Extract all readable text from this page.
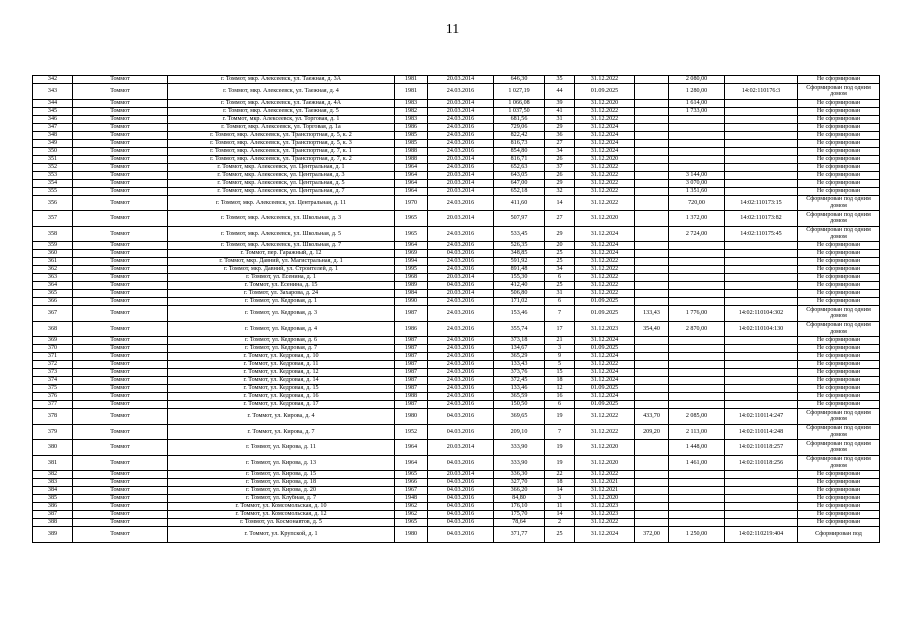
11
342	Томмот	г. Томмот, мкр. Алексеевск, ул. Таежная, д. 3А	1981	20.03.2014	646,30	35	31.12.2022		2 080,00		Не сформирован
343	Томмот	г. Томмот, мкр. Алексеевск, ул. Таежная, д. 4	1981	24.03.2016	1 027,19	44	01.09.2025		1 280,00	14:02:110176:3	Сформирован под одним домом
344	Томмот	г. Томмот, мкр. Алексеевск, ул. Таежная, д. 4А	1983	20.03.2014	1 066,08	39	31.12.2020		1 614,00		Не сформирован
345	Томмот	г. Томмот, мкр. Алексеевск, ул. Таежная, д. 5	1982	20.03.2014	1 037,50	41	31.12.2022		1 733,00		Не сформирован
346	Томмот	г. Томмот, мкр. Алексеевск, ул. Торговая, д. 1	1983	24.03.2016	681,56	31	31.12.2022				Не сформирован
347	Томмот	г. Томмот, мкр. Алексеевск, ул. Торговая, д. 1а	1986	24.03.2016	729,06	29	31.12.2024				Не сформирован
348	Томмот	г. Томмот, мкр. Алексеевск, ул. Транспортная, д. 5, к. 2	1985	24.03.2016	822,42	36	31.12.2024				Не сформирован
349	Томмот	г. Томмот, мкр. Алексеевск, ул. Транспортная, д. 5, к. 3	1985	24.03.2016	816,73	27	31.12.2024				Не сформирован
350	Томмот	г. Томмот, мкр. Алексеевск, ул. Транспортная, д. 7, к. 1	1988	24.03.2016	854,80	34	31.12.2024				Не сформирован
351	Томмот	г. Томмот, мкр. Алексеевск, ул. Транспортная, д. 7, к. 2	1988	20.03.2014	816,71	26	31.12.2020				Не сформирован
352	Томмот	г. Томмот, мкр. Алексеевск, ул. Центральная, д. 1	1964	24.03.2016	652,63	37	31.12.2022				Не сформирован
353	Томмот	г. Томмот, мкр. Алексеевск, ул. Центральная, д. 3	1964	20.03.2014	643,05	26	31.12.2022		3 144,00		Не сформирован
354	Томмот	г. Томмот, мкр. Алексеевск, ул. Центральная, д. 5	1964	20.03.2014	647,00	29	31.12.2022		3 070,00		Не сформирован
355	Томмот	г. Томмот, мкр. Алексеевск, ул. Центральная, д. 7	1964	20.03.2014	652,18	32	31.12.2022		1 351,60		Не сформирован
356	Томмот	г. Томмот, мкр. Алексеевск, ул. Центральная, д. 11	1970	24.03.2016	411,60	14	31.12.2022		720,00	14:02:110173:15	Сформирован под одним домом
357	Томмот	г. Томмот, мкр. Алексеевск, ул. Школьная, д. 3	1965	20.03.2014	507,97	27	31.12.2020		1 372,00	14:02:110173:82	Сформирован под одним домом
358	Томмот	г. Томмот, мкр. Алексеевск, ул. Школьная, д. 5	1965	24.03.2016	533,45	29	31.12.2024		2 724,00	14:02:110175:45	Сформирован под одним домом
359	Томмот	г. Томмот, мкр. Алексеевск, ул. Школьная, д. 7	1964	24.03.2016	526,35	20	31.12.2024				Не сформирован
360	Томмот	г. Томмот, пер. Гаражный, д. 12	1969	04.03.2016	348,85	25	31.12.2024				Не сформирован
361	Томмот	г. Томмот, мкр. Давний, ул. Магистральная, д. 1	1994	24.03.2016	591,92	25	31.12.2022				Не сформирован
362	Томмот	г. Томмот, мкр. Давний, ул. Строителей, д. 1	1995	24.03.2016	891,48	34	31.12.2022				Не сформирован
363	Томмот	г. Томмот, ул. Есенина, д. 1	1968	20.03.2014	155,30	6	31.12.2022				Не сформирован
364	Томмот	г. Томмот, ул. Есенина, д. 15	1989	04.03.2016	412,40	25	31.12.2022				Не сформирован
365	Томмот	г. Томмот, ул. Захарова, д. 24	1984	20.03.2014	506,80	31	31.12.2022				Не сформирован
366	Томмот	г. Томмот, ул. Кедровая, д. 1	1990	24.03.2016	171,02	6	01.09.2025				Не сформирован
367	Томмот	г. Томмот, ул. Кедровая, д. 3	1987	24.03.2016	153,46	7	01.09.2025	133,43	1 776,00	14:02:110104:302	Сформирован под одним домом
368	Томмот	г. Томмот, ул. Кедровая, д. 4	1986	24.03.2016	355,74	17	31.12.2023	354,40	2 870,00	14:02:110104:130	Сформирован под одним домом
369	Томмот	г. Томмот, ул. Кедровая, д. 6	1987	24.03.2016	373,18	21	31.12.2024				Не сформирован
370	Томмот	г. Томмот, ул. Кедровая, д. 7	1987	24.03.2016	134,67	3	01.09.2025				Не сформирован
371	Томмот	г. Томмот, ул. Кедровая, д. 10	1987	24.03.2016	365,29	9	31.12.2024				Не сформирован
372	Томмот	г. Томмот, ул. Кедровая, д. 11	1987	24.03.2016	133,43	5	31.12.2022				Не сформирован
373	Томмот	г. Томмот, ул. Кедровая, д. 12	1987	24.03.2016	373,76	15	31.12.2024				Не сформирован
374	Томмот	г. Томмот, ул. Кедровая, д. 14	1987	24.03.2016	372,45	18	31.12.2024				Не сформирован
375	Томмот	г. Томмот, ул. Кедровая, д. 15	1987	24.03.2016	133,46	12	01.09.2025				Не сформирован
376	Томмот	г. Томмот, ул. Кедровая, д. 16	1988	24.03.2016	365,59	16	31.12.2024				Не сформирован
377	Томмот	г. Томмот, ул. Кедровая, д. 17	1987	24.03.2016	150,50	6	01.09.2025				Не сформирован
378	Томмот	г. Томмот, ул. Кирова, д. 4	1980	04.03.2016	369,65	19	31.12.2022	433,70	2 085,00	14:02:110114:247	Сформирован под одним домом
379	Томмот	г. Томмот, ул. Кирова, д. 7	1952	04.03.2016	209,10	7	31.12.2022	209,20	2 113,00	14:02:110114:248	Сформирован под одним домом
380	Томмот	г. Томмот, ул. Кирова, д. 11	1964	20.03.2014	333,90	19	31.12.2020		1 448,00	14:02:110118:257	Сформирован под одним домом
381	Томмот	г. Томмот, ул. Кирова, д. 13	1964	04.03.2016	333,90	19	31.12.2020		1 461,00	14:02:110118:256	Сформирован под одним домом
382	Томмот	г. Томмот, ул. Кирова, д. 15	1965	20.03.2014	336,30	22	31.12.2022				Не сформирован
383	Томмот	г. Томмот, ул. Кирова, д. 18	1966	04.03.2016	327,70	18	31.12.2021				Не сформирован
384	Томмот	г. Томмот, ул. Кирова, д. 20	1967	04.03.2016	366,20	14	31.12.2021				Не сформирован
385	Томмот	г. Томмот, ул. Клубная, д. 7	1948	04.03.2016	84,80	3	31.12.2020				Не сформирован
386	Томмот	г. Томмот, ул. Комсомольская, д. 10	1962	04.03.2016	176,10	11	31.12.2023				Не сформирован
387	Томмот	г. Томмот, ул. Комсомольская, д. 12	1962	04.03.2016	175,70	14	31.12.2023				Не сформирован
388	Томмот	г. Томмот, ул. Космонавтов, д. 5	1965	04.03.2016	78,64	2	31.12.2022				Не сформирован
389	Томмот	г. Томмот, ул. Крупской, д. 1	1980	04.03.2016	371,77	25	31.12.2024	372,00	1 250,00	14:02:110219:404	Сформирован под
